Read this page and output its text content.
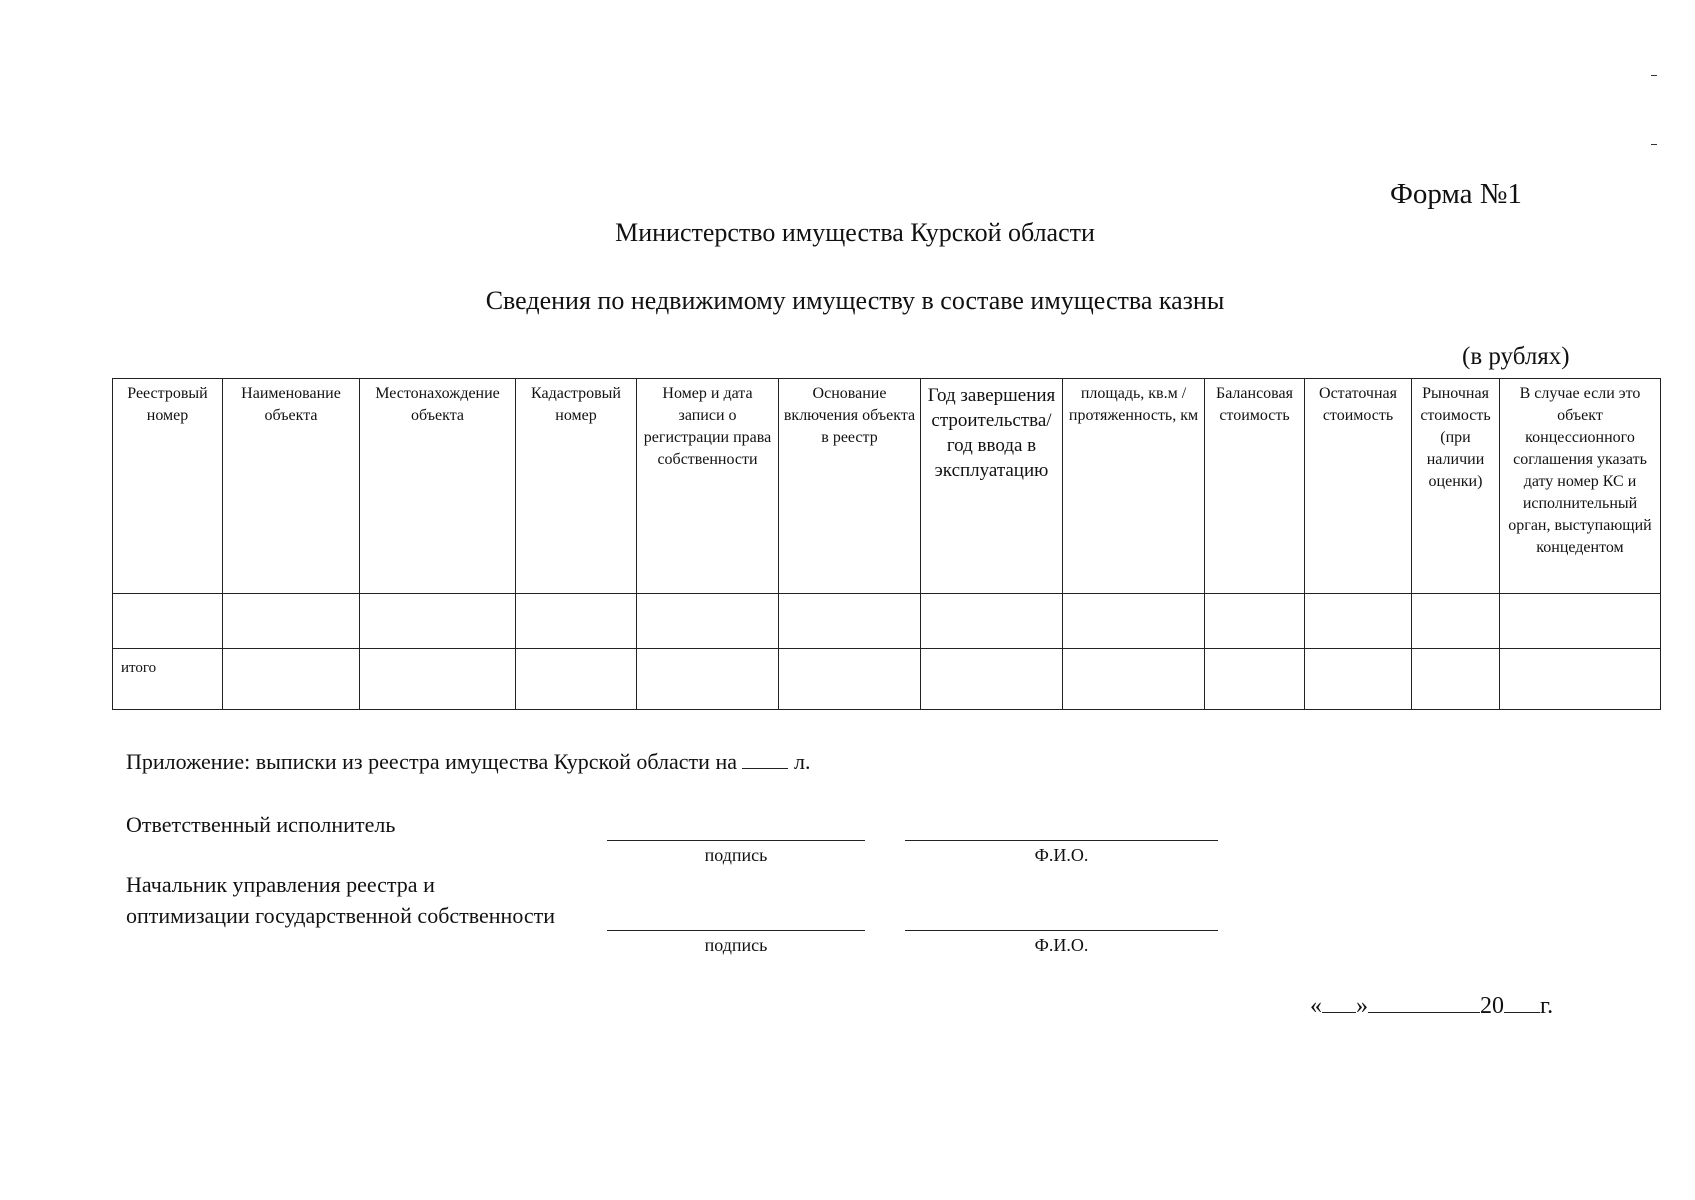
Форма №1
Министерство имущества Курской области
Сведения по недвижимому имуществу в составе имущества казны
(в рублях)
Реестровый номер	Наименование объекта	Местонахождение объекта	Кадастровый номер	Номер и дата записи о регистрации права собственности	Основание включения объекта в реестр	Год завершения строительства/ год ввода в эксплуатацию	площадь, кв.м / протяженность, км	Балансовая стоимость	Остаточная стоимость	Рыночная стоимость (при наличии оценки)	В случае если это объект концессионного соглашения указать дату номер КС и исполнительный орган, выступающий концедентом

итого											
Приложение: выписки из реестра имущества Курской области на	л.
Ответственный исполнитель
подпись	Ф.И.О.
Начальник управления реестра и
оптимизации государственной собственности
подпись	Ф.И.О.
« »	20 г.
